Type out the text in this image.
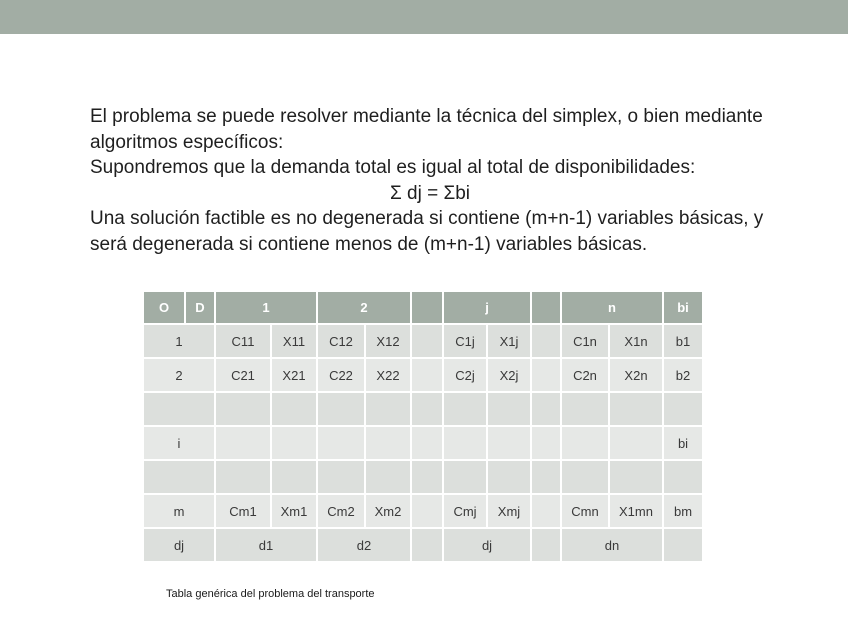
El problema se puede resolver mediante la técnica del simplex, o bien mediante algoritmos específicos:

Supondremos que la demanda total es igual al total de disponibilidades:

Σ dj = Σbi

Una solución factible es no degenerada si contiene (m+n-1) variables básicas, y será degenerada si contiene menos de (m+n-1) variables básicas.

O	D	1		2			j			n		bi
1		C11	X11	C12	X12		C1j	X1j		C1n	X1n	b1
2		C21	X21	C22	X22		C2j	X2j		C2n	X2n	b2

i												bi

m		Cm1	Xm1	Cm2	Xm2		Cmj	Xmj		Cmn	X1mn	bm
dj		d1		d2			dj			dn		
Tabla genérica del problema del transporte
